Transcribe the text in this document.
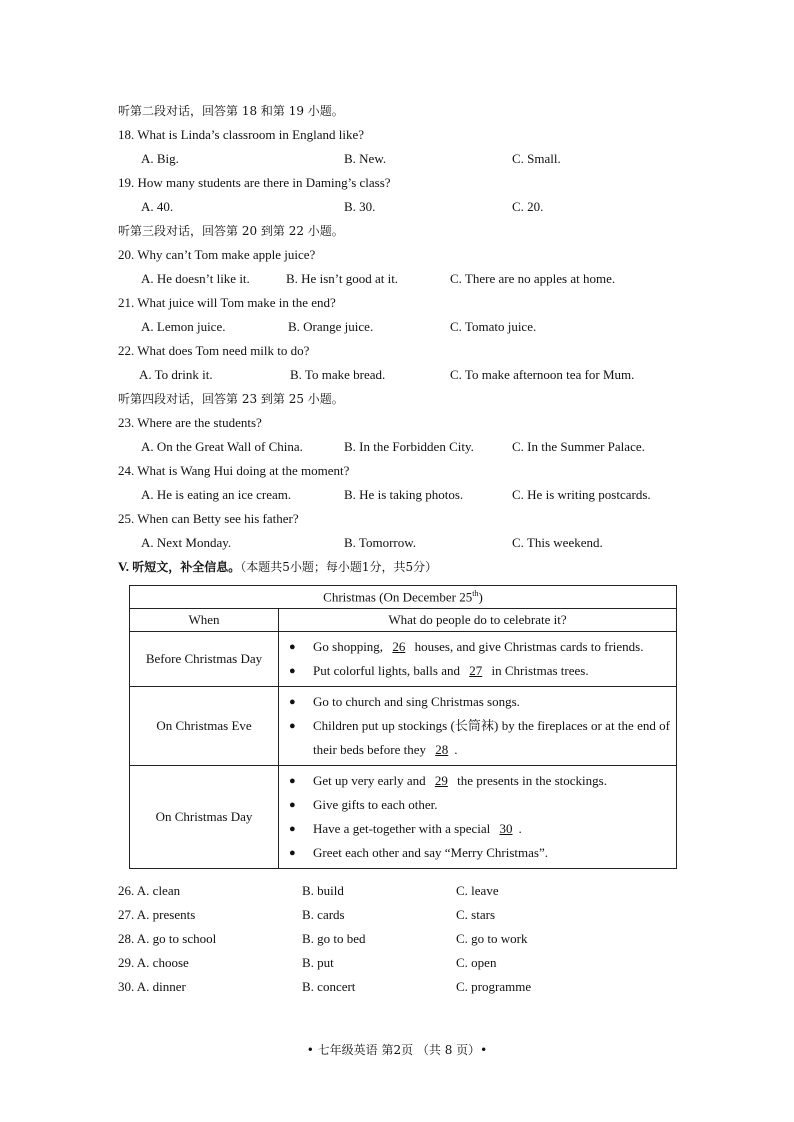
听第二段对话，回答第 18 和第 19 小题。
18. What is Linda’s classroom in England like?
A. Big.	B. New.	C. Small.
19. How many students are there in Daming’s class?
A. 40.	B. 30.	C. 20.
听第三段对话，回答第 20 到第 22 小题。
20. Why can’t Tom make apple juice?
A. He doesn’t like it.	B. He isn’t good at it.	C. There are no apples at home.
21. What juice will Tom make in the end?
A. Lemon juice.	B. Orange juice.	C. Tomato juice.
22. What does Tom need milk to do?
A. To drink it.	B. To make bread.	C. To make afternoon tea for Mum.
听第四段对话，回答第 23 到第 25 小题。
23. Where are the students?
A. On the Great Wall of China.	B. In the Forbidden City.	C. In the Summer Palace.
24. What is Wang Hui doing at the moment?
A. He is eating an ice cream.	B. He is taking photos.	C. He is writing postcards.
25. When can Betty see his father?
A. Next Monday.	B. Tomorrow.	C. This weekend.
V. 听短文，补全信息。（本题共5小题；每小题1分，共5分）
Christmas (On December 25th)	
When	What do people do to celebrate it?
Before Christmas Day	● Go shopping, 26 houses, and give Christmas cards to friends.
● Put colorful lights, balls and 27 in Christmas trees.

On Christmas Eve	● Go to church and sing Christmas songs.
● Children put up stockings (长筒袜) by the fireplaces or at the end of their beds before they 28 .

On Christmas Day	● Get up very early and 29 the presents in the stockings.
● Give gifts to each other.
● Have a get-together with a special 30 .
● Greet each other and say “Merry Christmas”.
26. A. clean	B. build	C. leave
27. A. presents	B. cards	C. stars
28. A. go to school	B. go to bed	C. go to work
29. A. choose	B. put	C. open
30. A. dinner	B. concert	C. programme
• 七年级英语 第2页 （共 8 页）•
